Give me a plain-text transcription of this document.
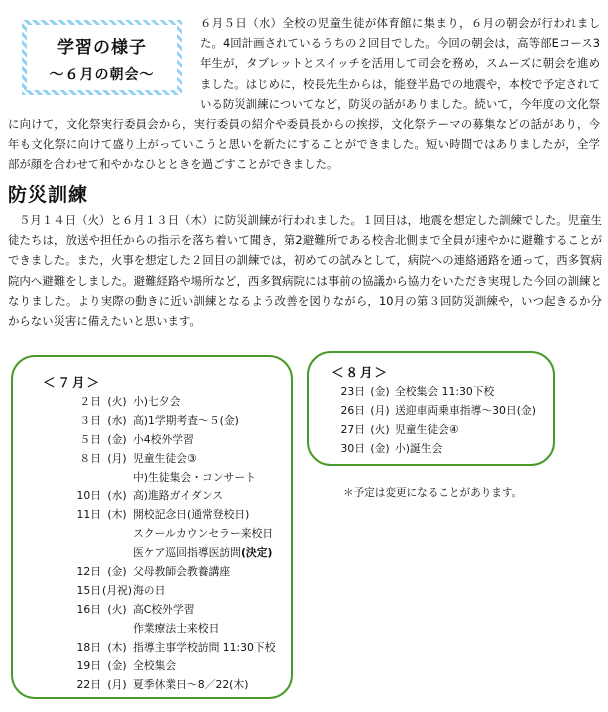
６月５日（水）全校の児童生徒が体育館に集まり，６月の朝会が行われました。4回計画されているうちの２回目でした。今回の朝会は，高等部Eコース3年生が，タブレットとスイッチを活用して司会を務め，スムーズに朝会を進めました。はじめに，校長先生からは，能登半島での地震や，本校で予定されている防災訓練についてなど，防災の話がありました。続いて，今年度の文化祭に向けて，文化祭実行委員会から，実行委員の紹介や委員長からの挨拶，文化祭テーマの募集などの話があり，今年も文化祭に向けて盛り上がっていこうと思いを新たにすることができました。短い時間ではありましたが，全学部が顔を合わせて和やかなひとときを過ごすことができました。

学習の様子
～６月の朝会～
防災訓練

５月１４日（火）と６月１３日（木）に防災訓練が行われました。１回目は，地震を想定した訓練でした。児童生徒たちは，放送や担任からの指示を落ち着いて聞き，第2避難所である校舎北側まで全員が速やかに避難することができました。また，火事を想定した２回目の訓練では，初めての試みとして，病院への連絡通路を通って，西多賀病院内へ避難をしました。避難経路や場所など，西多賀病院には事前の協議から協力をいただき実現した今回の訓練となりました。より実際の動きに近い訓練となるよう改善を図りながら，10月の第３回防災訓練や，いつ起きるか分からない災害に備えたいと思います。

＜７月＞
２日 (火) 小)七夕会
３日 (水) 高)1学期考査～５(金)
５日 (金) 小4校外学習
８日 (月) 児童生徒会③
中)生徒集会・コンサート
10日 (水) 高)進路ガイダンス
11日 (木) 開校記念日(通常登校日)
スクールカウンセラー来校日
医ケア巡回指導医訪問(決定)
12日 (金) 父母教師会教養講座
15日(月祝)海の日
16日 (火) 高C校外学習
作業療法士来校日
18日 (木) 指導主事学校訪問 11:30下校
19日 (金) 全校集会
22日 (月) 夏季休業日～8／22(木)
＜８月＞
23日 (金) 全校集会 11:30下校
26日 (月) 送迎車両乗車指導～30日(金)
27日 (火) 児童生徒会④
30日 (金) 小)誕生会

＊予定は変更になることがあります。
